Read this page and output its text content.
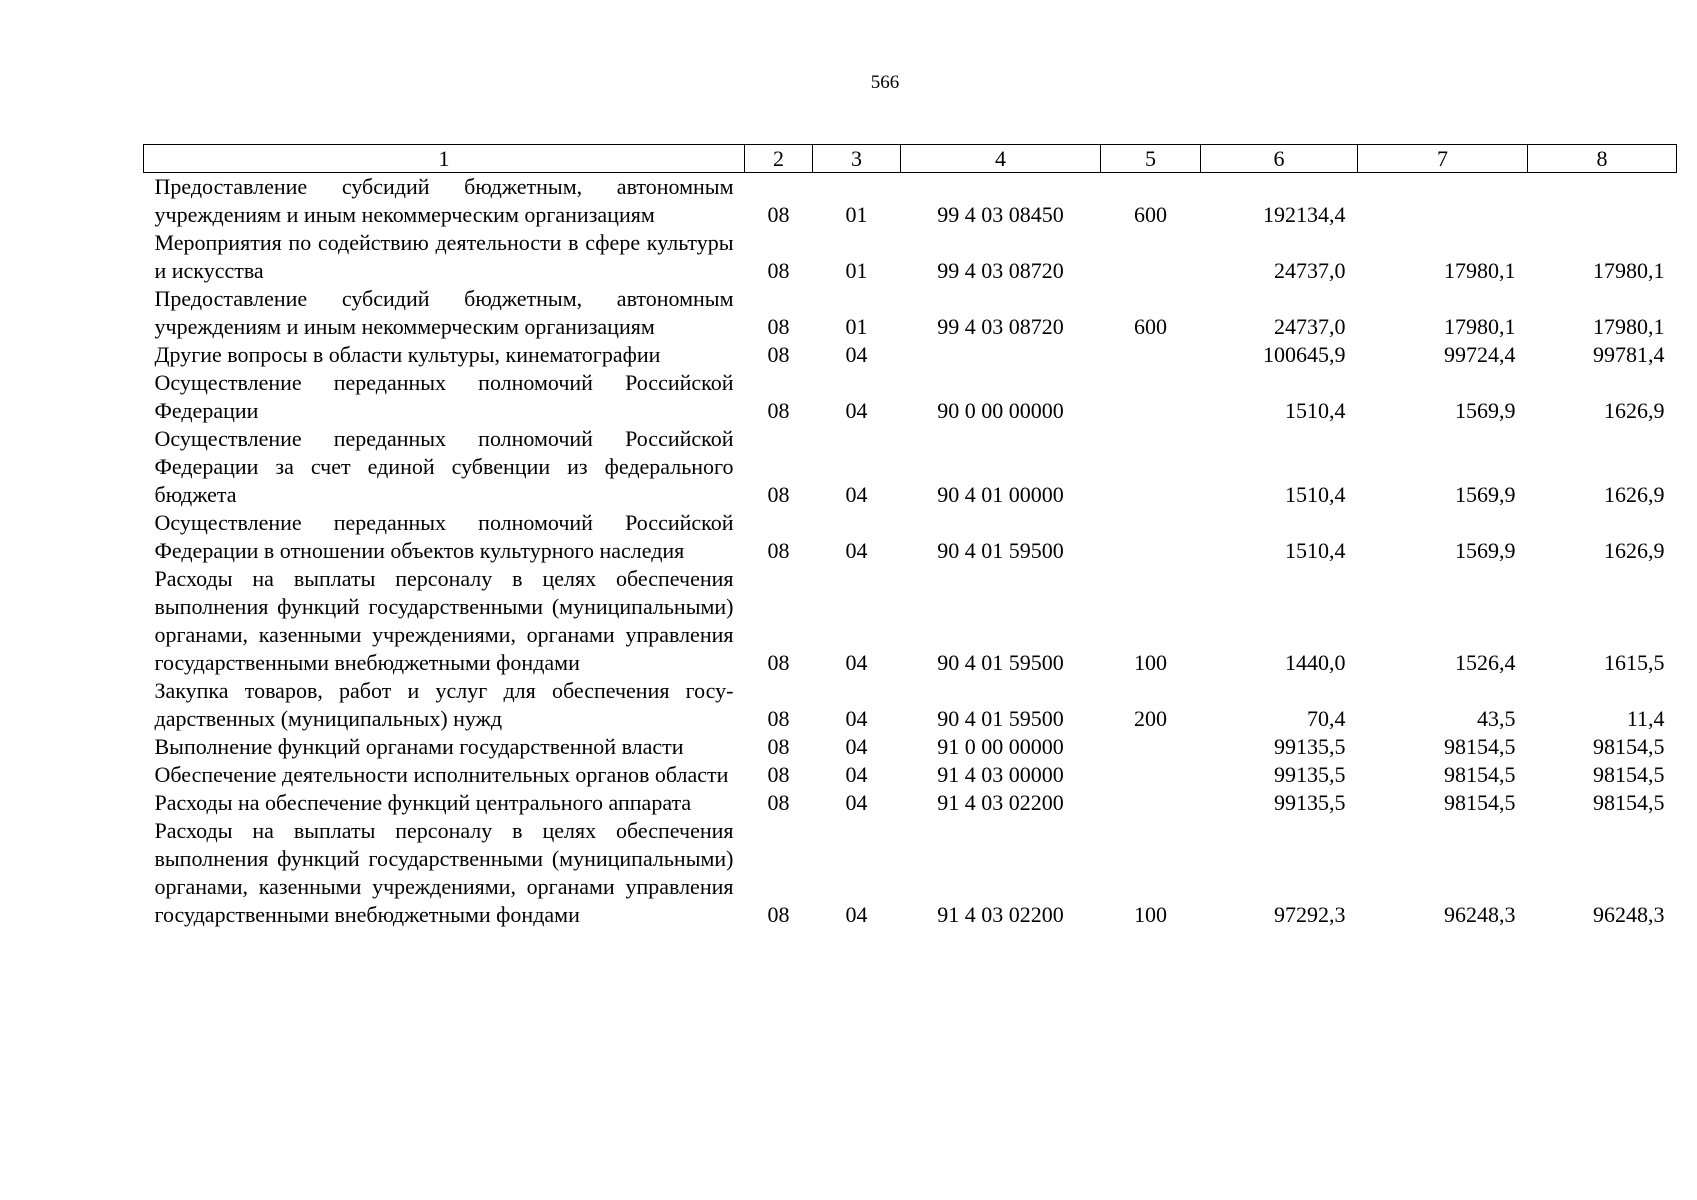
566
1	2	3	4	5	6	7	8
Предоставление субсидий бюджетным, автономным учреждениям и иным некоммерческим организациям	08	01	99 4 03 08450	600	192134,4		
Мероприятия по содействию деятельности в сфере культуры и искусства	08	01	99 4 03 08720		24737,0	17980,1	17980,1
Предоставление субсидий бюджетным, автономным учреждениям и иным некоммерческим организациям	08	01	99 4 03 08720	600	24737,0	17980,1	17980,1
Другие вопросы в области культуры, кинематографии	08	04			100645,9	99724,4	99781,4
Осуществление переданных полномочий Российской Федерации	08	04	90 0 00 00000		1510,4	1569,9	1626,9
Осуществление переданных полномочий Российской Федерации за счет единой субвенции из федерального бюджета	08	04	90 4 01 00000		1510,4	1569,9	1626,9
Осуществление переданных полномочий Российской Федерации в отношении объектов культурного наследия	08	04	90 4 01 59500		1510,4	1569,9	1626,9
Расходы на выплаты персоналу в целях обеспечения выполнения функций государственными (муниципальными) органами, казенными учреждениями, органами управления государственными внебюджетными фондами	08	04	90 4 01 59500	100	1440,0	1526,4	1615,5
Закупка товаров, работ и услуг для обеспечения государственных (муниципальных) нужд	08	04	90 4 01 59500	200	70,4	43,5	11,4
Выполнение функций органами государственной власти	08	04	91 0 00 00000		99135,5	98154,5	98154,5
Обеспечение деятельности исполнительных органов области	08	04	91 4 03 00000		99135,5	98154,5	98154,5
Расходы на обеспечение функций центрального аппарата	08	04	91 4 03 02200		99135,5	98154,5	98154,5
Расходы на выплаты персоналу в целях обеспечения выполнения функций государственными (муниципальными) органами, казенными учреждениями, органами управления государственными внебюджетными фондами	08	04	91 4 03 02200	100	97292,3	96248,3	96248,3
